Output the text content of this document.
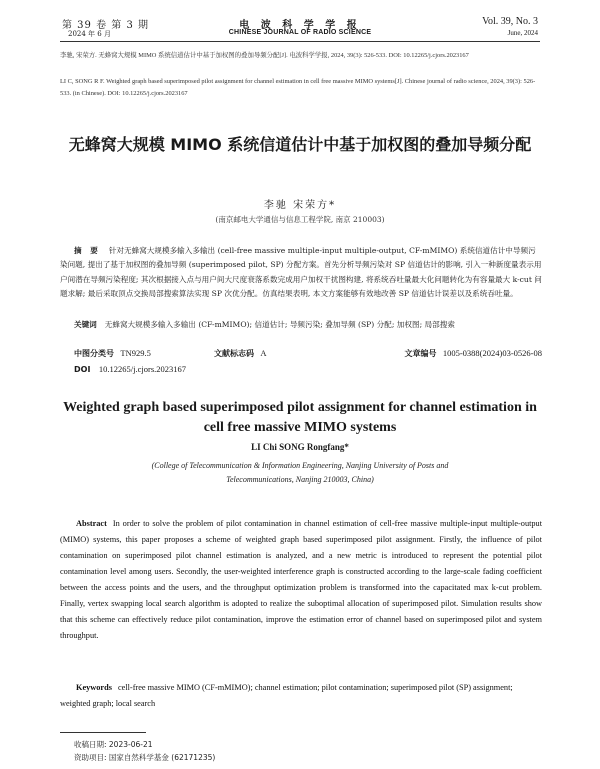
第 39 卷 第 3 期	电 波 科 学 学 报	Vol. 39, No. 3
2024 年 6 月	CHINESE JOURNAL OF RADIO SCIENCE	June, 2024
李驰, 宋荣方. 无蜂窝大规模 MIMO 系统信道估计中基于加权图的叠加导频分配[J]. 电波科学学报, 2024, 39(3): 526-533. DOI: 10.12265/j.cjors.2023167
LI C, SONG R F. Weighted graph based superimposed pilot assignment for channel estimation in cell free massive MIMO systems[J]. Chinese journal of radio science, 2024, 39(3): 526-533. (in Chinese). DOI: 10.12265/j.cjors.2023167
无蜂窝大规模 MIMO 系统信道估计中基于加权图的叠加导频分配
李驰 宋荣方*
(南京邮电大学通信与信息工程学院, 南京 210003)
摘 要 针对无蜂窝大规模多输入多输出 (cell-free massive multiple-input multiple-output, CF-mMIMO) 系统信道估计中导频污染问题, 提出了基于加权图的叠加导频 (superimposed pilot, SP) 分配方案。首先分析导频污染对 SP 信道估计的影响, 引入一种新度量表示用户间潜在导频污染程度; 其次根据接入点与用户间大尺度衰落系数完成用户加权干扰图构建, 将系统吞吐量最大化问题转化为有容量最大 k-cut 问题求解; 最后采取顶点交换局部搜索算法实现 SP 次优分配。仿真结果表明, 本文方案能够有效地改善 SP 信道估计误差以及系统吞吐量。
关键词 无蜂窝大规模多输入多输出 (CF-mMIMO); 信道估计; 导频污染; 叠加导频 (SP) 分配; 加权图; 局部搜索
中图分类号 TN929.5	文献标志码 A	文章编号 1005-0388(2024)03-0526-08
DOI 10.12265/j.cjors.2023167
Weighted graph based superimposed pilot assignment for channel estimation in cell free massive MIMO systems
LI Chi SONG Rongfang*
(College of Telecommunication & Information Engineering, Nanjing University of Posts and Telecommunications, Nanjing 210003, China)
Abstract In order to solve the problem of pilot contamination in channel estimation of cell-free massive multiple-input multiple-output (MIMO) systems, this paper proposes a scheme of weighted graph based superimposed pilot assignment. Firstly, the influence of pilot contamination on superimposed pilot channel estimation is analyzed, and a new metric is introduced to represent the potential pilot contamination level among users. Secondly, the user-weighted interference graph is constructed according to the large-scale fading coefficient between the access points and the users, and the throughput optimization problem is transformed into the capacitated max k-cut problem. Finally, vertex swapping local search algorithm is adopted to realize the suboptimal allocation of superimposed pilot. Simulation results show that this scheme can effectively reduce pilot contamination, improve the estimation error of channel based on superimposed pilot and system throughput.
Keywords cell-free massive MIMO (CF-mMIMO); channel estimation; pilot contamination; superimposed pilot (SP) assignment; weighted graph; local search
收稿日期: 2023-06-21
资助项目: 国家自然科学基金 (62171235)
